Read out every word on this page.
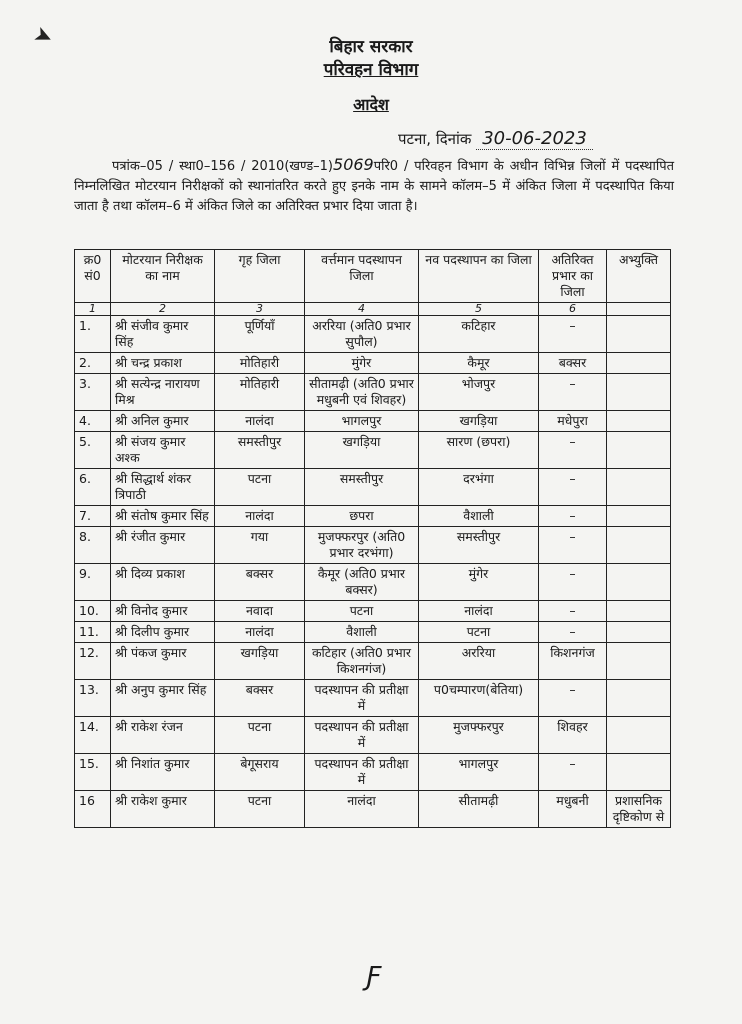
➤	बिहार सरकार
परिवहन विभाग
आदेश
पटना, दिनांक 30-06-2023
पत्रांक–05 / स्था0–156 / 2010(खण्ड–1)5069परि0 / परिवहन विभाग के अधीन विभिन्न जिलों में पदस्थापित निम्नलिखित मोटरयान निरीक्षकों को स्थानांतरित करते हुए इनके नाम के सामने कॉलम–5 में अंकित जिला में पदस्थापित किया जाता है तथा कॉलम–6 में अंकित जिले का अतिरिक्त प्रभार दिया जाता है।
क्र0 सं0	मोटरयान निरीक्षक का नाम	गृह जिला	वर्त्तमान पदस्थापन जिला	नव पदस्थापन का जिला	अतिरिक्त प्रभार का जिला	अभ्युक्ति
1	2	3	4	5	6	
1.	श्री संजीव कुमार सिंह	पूर्णियाँ	अररिया (अति0 प्रभार सुपौल)	कटिहार	–	
2.	श्री चन्द्र प्रकाश	मोतिहारी	मुंगेर	कैमूर	बक्सर	
3.	श्री सत्येन्द्र नारायण मिश्र	मोतिहारी	सीतामढ़ी (अति0 प्रभार मधुबनी एवं शिवहर)	भोजपुर	–	
4.	श्री अनिल कुमार	नालंदा	भागलपुर	खगड़िया	मधेपुरा	
5.	श्री संजय कुमार अश्क	समस्तीपुर	खगड़िया	सारण (छपरा)	–	
6.	श्री सिद्धार्थ शंकर त्रिपाठी	पटना	समस्तीपुर	दरभंगा	–	
7.	श्री संतोष कुमार सिंह	नालंदा	छपरा	वैशाली	–	
8.	श्री रंजीत कुमार	गया	मुजफ्फरपुर (अति0 प्रभार दरभंगा)	समस्तीपुर	–	
9.	श्री दिव्य प्रकाश	बक्सर	कैमूर (अति0 प्रभार बक्सर)	मुंगेर	–	
10.	श्री विनोद कुमार	नवादा	पटना	नालंदा	–	
11.	श्री दिलीप कुमार	नालंदा	वैशाली	पटना	–	
12.	श्री पंकज कुमार	खगड़िया	कटिहार (अति0 प्रभार किशनगंज)	अररिया	किशनगंज	
13.	श्री अनुप कुमार सिंह	बक्सर	पदस्थापन की प्रतीक्षा में	प0चम्पारण(बेतिया)	–	
14.	श्री राकेश रंजन	पटना	पदस्थापन की प्रतीक्षा में	मुजफ्फरपुर	शिवहर	
15.	श्री निशांत कुमार	बेगूसराय	पदस्थापन की प्रतीक्षा में	भागलपुर	–	
16	श्री राकेश कुमार	पटना	नालंदा	सीतामढ़ी	मधुबनी	प्रशासनिक दृष्टिकोण से
Ƒ
